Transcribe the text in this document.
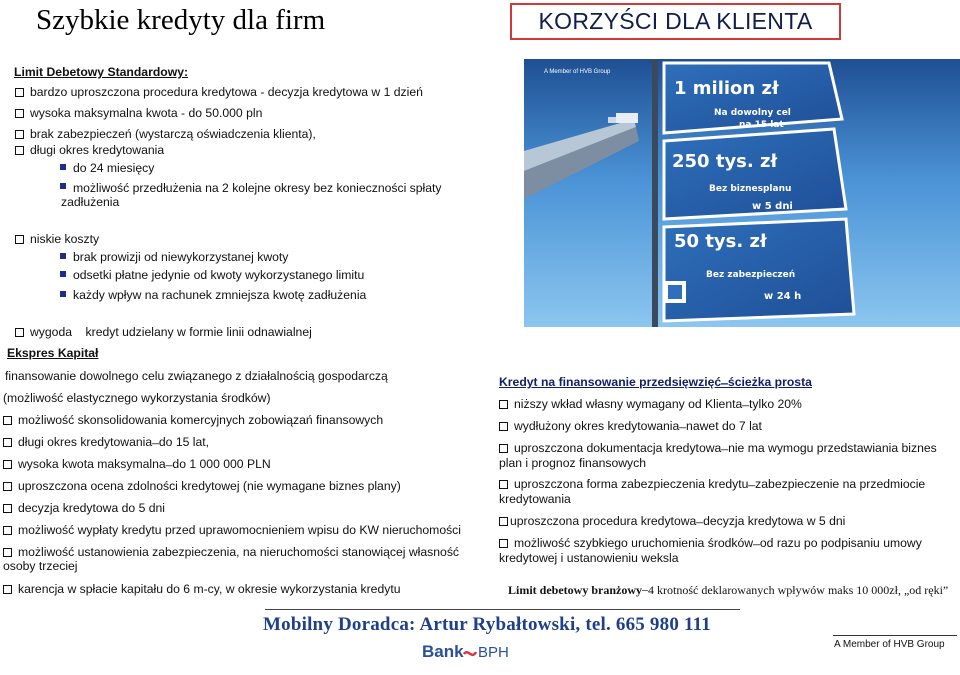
Szybkie kredyty dla firm	KORZYŚCI DLA KLIENTA
Limit Debetowy Standardowy:
bardzo uproszczona procedura kredytowa - decyzja kredytowa w 1 dzień
wysoka maksymalna kwota - do 50.000 pln
brak zabezpieczeń (wystarczą oświadczenia klienta),
długi okres kredytowania
do 24 miesięcy
możliwość przedłużenia na 2 kolejne okresy bez konieczności spłaty
zadłużenia
niskie koszty
brak prowizji od niewykorzystanej kwoty
odsetki płatne jedynie od kwoty wykorzystanego limitu
każdy wpływ na rachunek zmniejsza kwotę zadłużenia
wygoda    kredyt udzielany w formie linii odnawialnej
A Member of HVB Group
1 milion zł
Na dowolny cel
na 15 lat
250 tys. zł
Bez biznesplanu
w 5 dni
50 tys. zł
Bez zabezpieczeń
w 24 h
Ekspres Kapitał
finansowanie dowolnego celu związanego z działalnością gospodarczą
(możliwość elastycznego wykorzystania środków)
możliwość skonsolidowania komercyjnych zobowiązań finansowych
długi okres kredytowania ̶ do 15 lat,
wysoka kwota maksymalna ̶ do 1 000 000 PLN
uproszczona ocena zdolności kredytowej (nie wymagane biznes plany)
decyzja kredytowa do 5 dni
możliwość wypłaty kredytu przed uprawomocnieniem wpisu do KW nieruchomości
możliwość ustanowienia zabezpieczenia, na nieruchomości stanowiącej własność
osoby trzeciej
karencja w spłacie kapitału do 6 m-cy, w okresie wykorzystania kredytu
Kredyt na finansowanie przedsięwzięć ̶ ścieżka prosta
niższy wkład własny wymagany od Klienta ̶ tylko 20%
wydłużony okres kredytowania ̶ nawet do 7 lat
uproszczona dokumentacja kredytowa ̶ nie ma wymogu przedstawiania biznes plan i prognoz finansowych
uproszczona forma zabezpieczenia kredytu ̶ zabezpieczenie na przedmiocie kredytowania
uproszczona procedura kredytowa ̶ decyzja kredytowa w 5 dni
możliwość szybkiego uruchomienia środków ̶ od razu po podpisaniu umowy kredytowej i ustanowieniu weksla
Limit debetowy branżowy ̶ 4 krotność deklarowanych wpływów maks 10 000zł, „od ręki”
Mobilny Doradca: Artur Rybałtowski, tel. 665 980 111
Bank BPH	A Member of HVB Group
